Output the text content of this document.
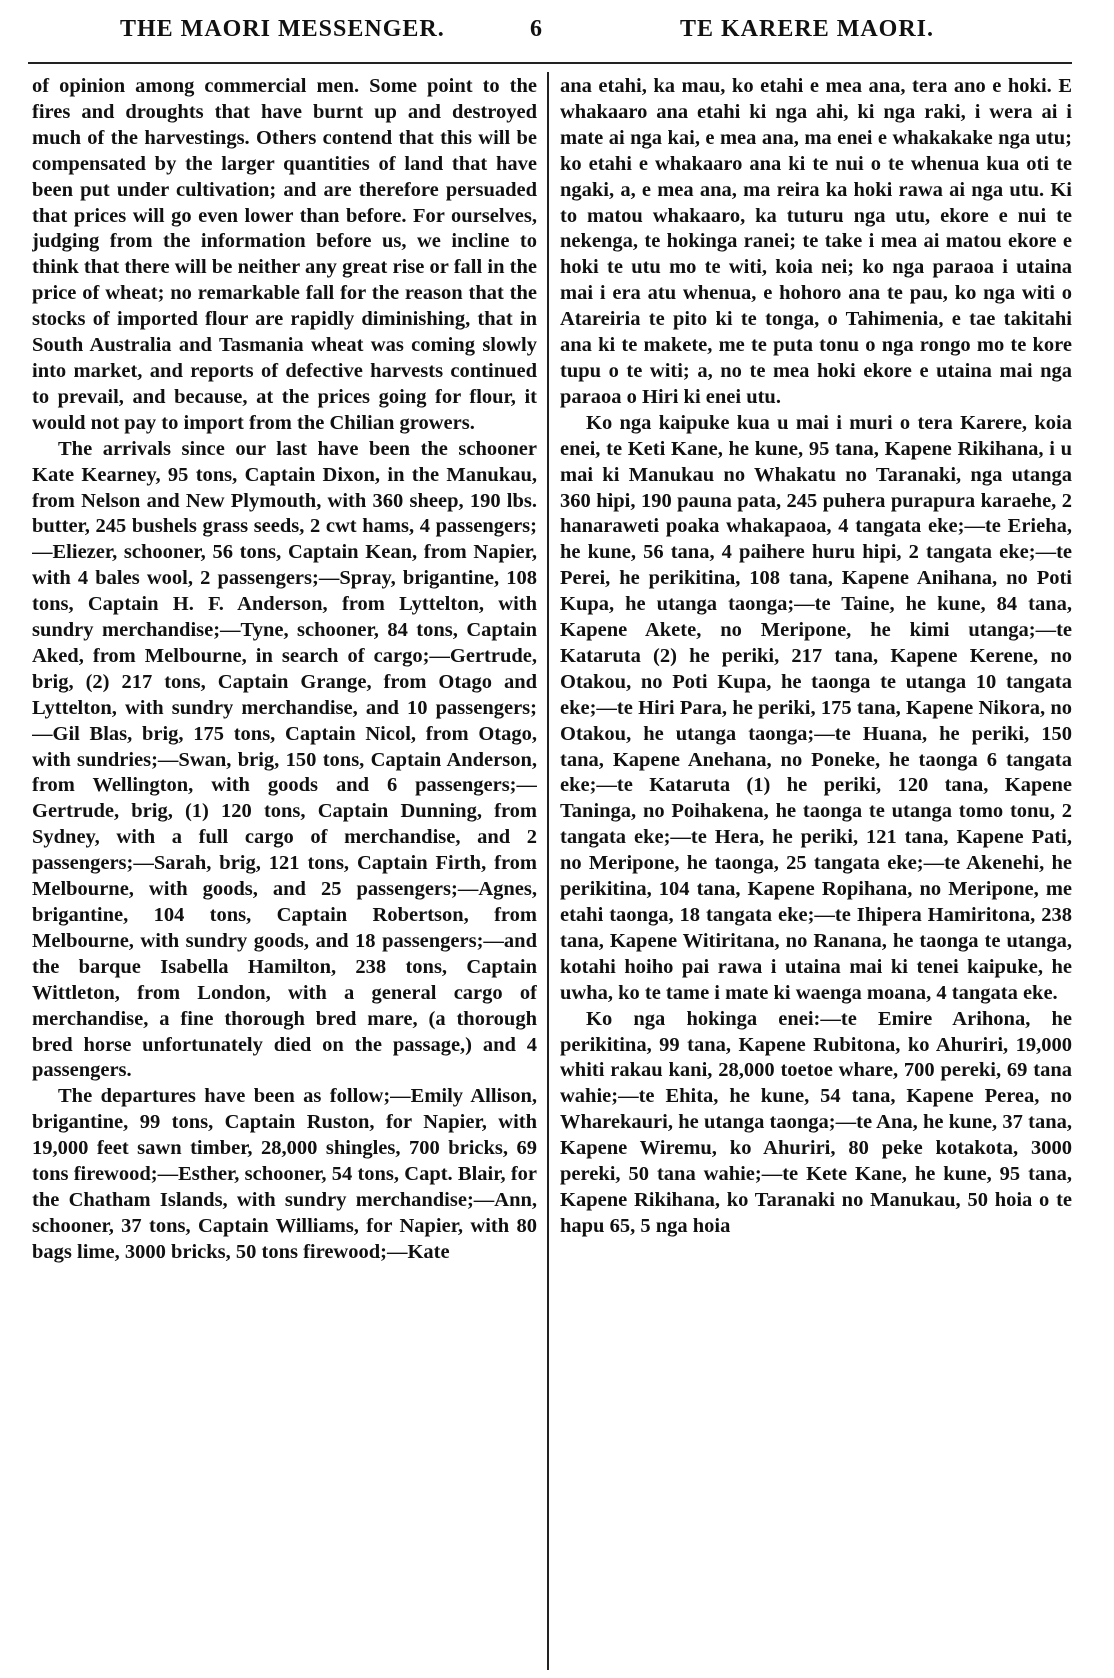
THE MAORI MESSENGER.	6	TE KARERE MAORI.

of opinion among commercial men. Some point to the fires and droughts that have burnt up and destroyed much of the harvestings. Others contend that this will be compensated by the larger quantities of land that have been put under cultivation; and are therefore persuaded that prices will go even lower than before. For ourselves, judging from the information before us, we incline to think that there will be neither any great rise or fall in the price of wheat; no remarkable fall for the reason that the stocks of imported flour are rapidly diminishing, that in South Australia and Tasmania wheat was coming slowly into market, and reports of defective harvests continued to prevail, and because, at the prices going for flour, it would not pay to import from the Chilian growers.

The arrivals since our last have been the schooner Kate Kearney, 95 tons, Captain Dixon, in the Manukau, from Nelson and New Plymouth, with 360 sheep, 190 lbs. butter, 245 bushels grass seeds, 2 cwt hams, 4 passengers;—Eliezer, schooner, 56 tons, Captain Kean, from Napier, with 4 bales wool, 2 passengers;—Spray, brigantine, 108 tons, Captain H. F. Anderson, from Lyttelton, with sundry merchandise;—Tyne, schooner, 84 tons, Captain Aked, from Melbourne, in search of cargo;—Gertrude, brig, (2) 217 tons, Captain Grange, from Otago and Lyttelton, with sundry merchandise, and 10 passengers;—Gil Blas, brig, 175 tons, Captain Nicol, from Otago, with sundries;—Swan, brig, 150 tons, Captain Anderson, from Wellington, with goods and 6 passengers;—Gertrude, brig, (1) 120 tons, Captain Dunning, from Sydney, with a full cargo of merchandise, and 2 passengers;—Sarah, brig, 121 tons, Captain Firth, from Melbourne, with goods, and 25 passengers;—Agnes, brigantine, 104 tons, Captain Robertson, from Melbourne, with sundry goods, and 18 passengers;—and the barque Isabella Hamilton, 238 tons, Captain Wittleton, from London, with a general cargo of merchandise, a fine thorough bred mare, (a thorough bred horse unfortunately died on the passage,) and 4 passengers.

The departures have been as follow;—Emily Allison, brigantine, 99 tons, Captain Ruston, for Napier, with 19,000 feet sawn timber, 28,000 shingles, 700 bricks, 69 tons firewood;—Esther, schooner, 54 tons, Capt. Blair, for the Chatham Islands, with sundry merchandise;—Ann, schooner, 37 tons, Captain Williams, for Napier, with 80 bags lime, 3000 bricks, 50 tons firewood;—Kate

ana etahi, ka mau, ko etahi e mea ana, tera ano e hoki. E whakaaro ana etahi ki nga ahi, ki nga raki, i wera ai i mate ai nga kai, e mea ana, ma enei e whakakake nga utu; ko etahi e whakaaro ana ki te nui o te whenua kua oti te ngaki, a, e mea ana, ma reira ka hoki rawa ai nga utu. Ki to matou whakaaro, ka tuturu nga utu, ekore e nui te nekenga, te hokinga ranei; te take i mea ai matou ekore e hoki te utu mo te witi, koia nei; ko nga paraoa i utaina mai i era atu whenua, e hohoro ana te pau, ko nga witi o Atareiria te pito ki te tonga, o Tahimenia, e tae takitahi ana ki te makete, me te puta tonu o nga rongo mo te kore tupu o te witi; a, no te mea hoki ekore e utaina mai nga paraoa o Hiri ki enei utu.

Ko nga kaipuke kua u mai i muri o tera Karere, koia enei, te Keti Kane, he kune, 95 tana, Kapene Rikihana, i u mai ki Manukau no Whakatu no Taranaki, nga utanga 360 hipi, 190 pauna pata, 245 puhera purapura karaehe, 2 hanaraweti poaka whakapaoa, 4 tangata eke;—te Erieha, he kune, 56 tana, 4 paihere huru hipi, 2 tangata eke;—te Perei, he perikitina, 108 tana, Kapene Anihana, no Poti Kupa, he utanga taonga;—te Taine, he kune, 84 tana, Kapene Akete, no Meripone, he kimi utanga;—te Kataruta (2) he periki, 217 tana, Kapene Kerene, no Otakou, no Poti Kupa, he taonga te utanga 10 tangata eke;—te Hiri Para, he periki, 175 tana, Kapene Nikora, no Otakou, he utanga taonga;—te Huana, he periki, 150 tana, Kapene Anehana, no Poneke, he taonga 6 tangata eke;—te Kataruta (1) he periki, 120 tana, Kapene Taninga, no Poihakena, he taonga te utanga tomo tonu, 2 tangata eke;—te Hera, he periki, 121 tana, Kapene Pati, no Meripone, he taonga, 25 tangata eke;—te Akenehi, he perikitina, 104 tana, Kapene Ropihana, no Meripone, me etahi taonga, 18 tangata eke;—te Ihipera Hamiritona, 238 tana, Kapene Witiritana, no Ranana, he taonga te utanga, kotahi hoiho pai rawa i utaina mai ki tenei kaipuke, he uwha, ko te tame i mate ki waenga moana, 4 tangata eke.

Ko nga hokinga enei:—te Emire Arihona, he perikitina, 99 tana, Kapene Rubitona, ko Ahuriri, 19,000 whiti rakau kani, 28,000 toetoe whare, 700 pereki, 69 tana wahie;—te Ehita, he kune, 54 tana, Kapene Perea, no Wharekauri, he utanga taonga;—te Ana, he kune, 37 tana, Kapene Wiremu, ko Ahuriri, 80 peke kotakota, 3000 pereki, 50 tana wahie;—te Kete Kane, he kune, 95 tana, Kapene Rikihana, ko Taranaki no Manukau, 50 hoia o te hapu 65, 5 nga hoia
